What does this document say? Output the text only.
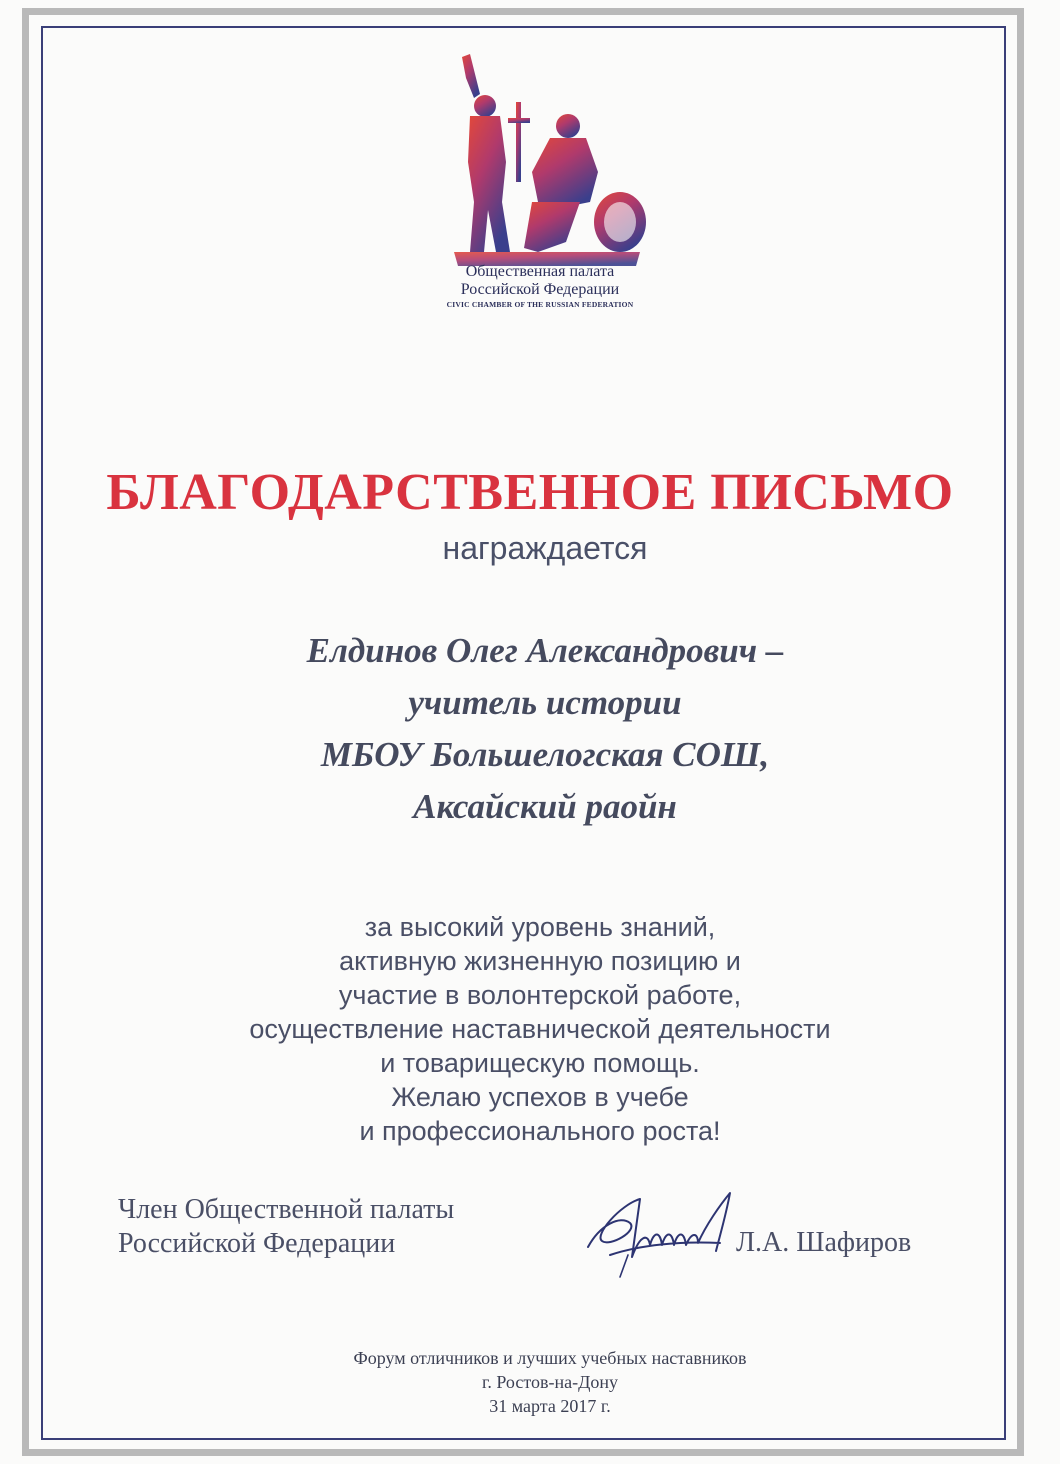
Общественная палата
Российской Федерации
CIVIC CHAMBER OF THE RUSSIAN FEDERATION
БЛАГОДАРСТВЕННОЕ ПИСЬМО
награждается
Елдинов Олег Александрович –
учитель истории
МБОУ Большелогская СОШ,
Аксайский раойн
за высокий уровень знаний,
активную жизненную позицию и
участие в волонтерской работе,
осуществление наставнической деятельности
и товарищескую помощь.
Желаю успехов в учебе
и профессионального роста!
Член Общественной палаты
Российской Федерации	Л.А. Шафиров
Форум отличников и лучших учебных наставников
г. Ростов-на-Дону
31 марта 2017 г.
